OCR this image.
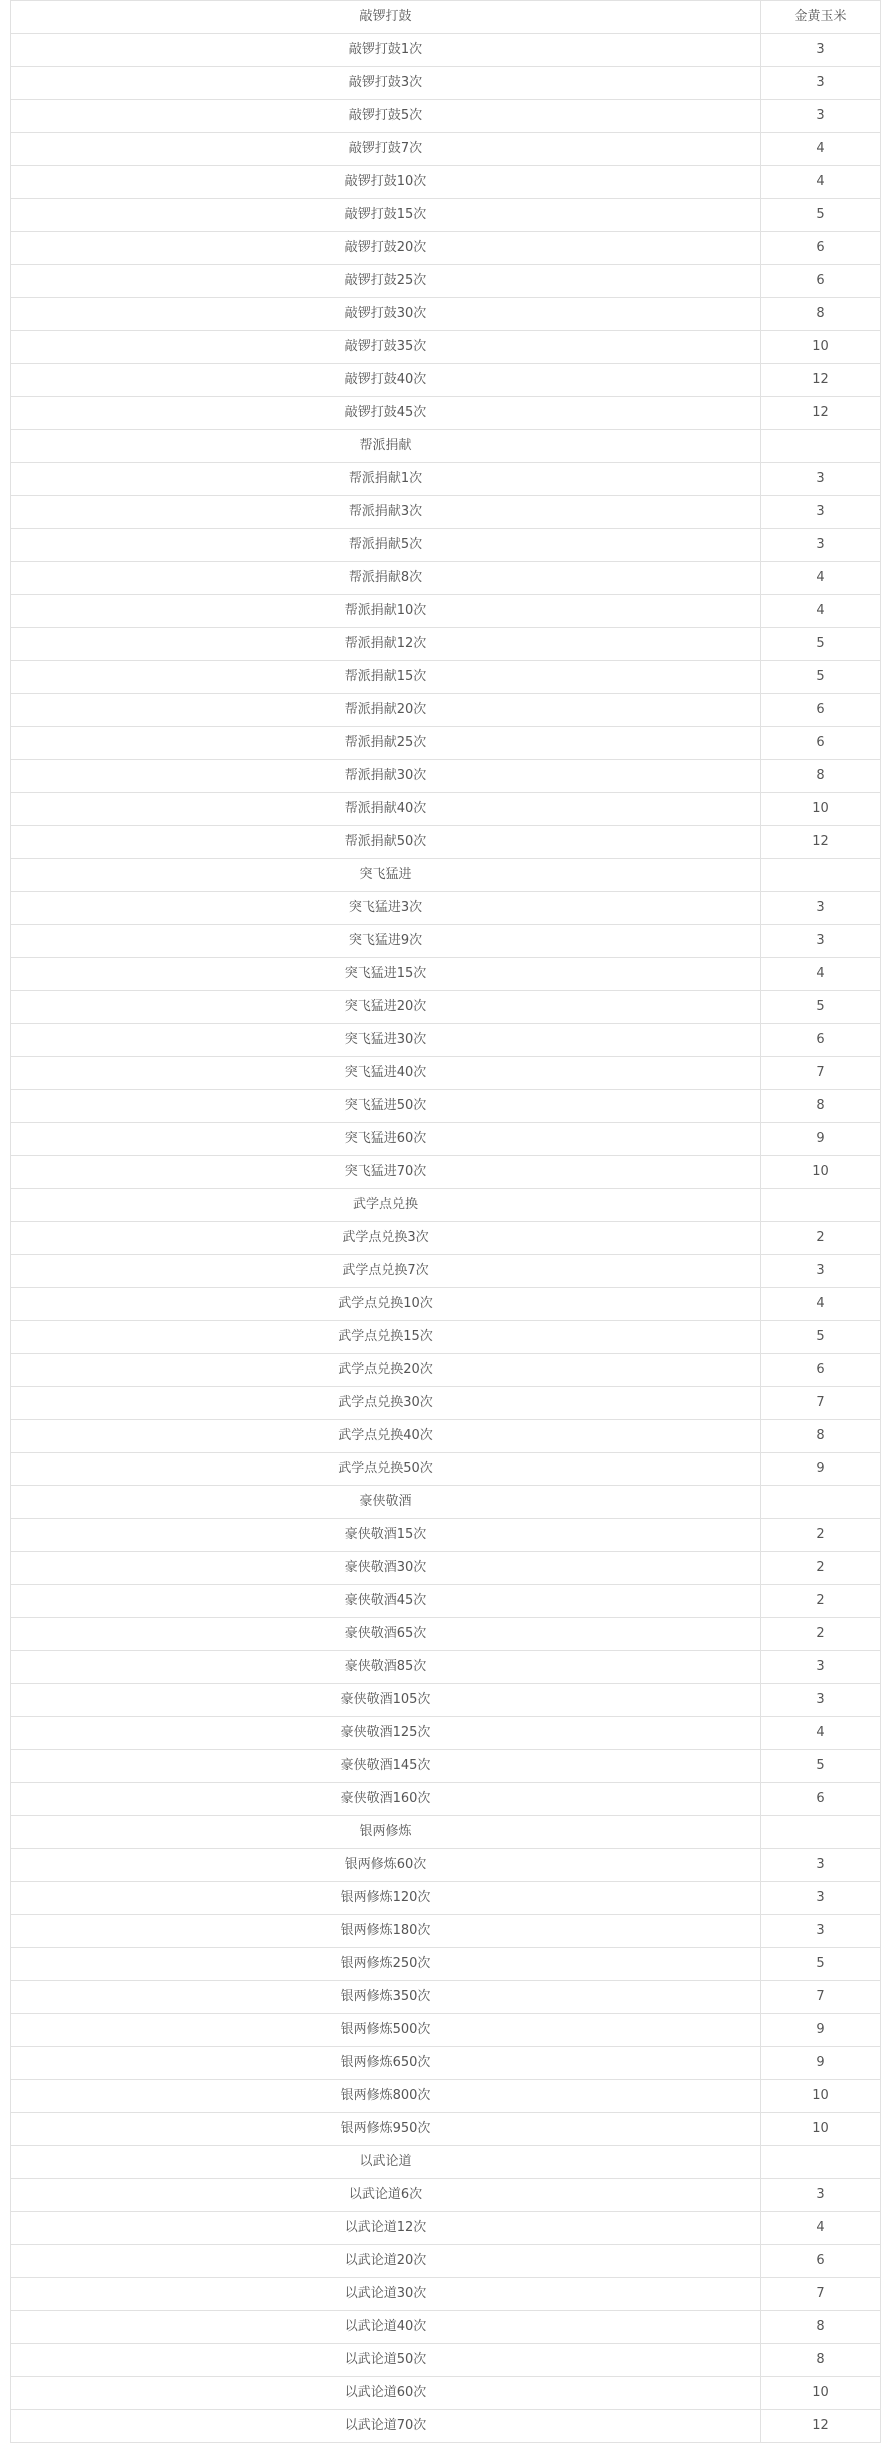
敲锣打鼓	金黄玉米
敲锣打鼓1次	3
敲锣打鼓3次	3
敲锣打鼓5次	3
敲锣打鼓7次	4
敲锣打鼓10次	4
敲锣打鼓15次	5
敲锣打鼓20次	6
敲锣打鼓25次	6
敲锣打鼓30次	8
敲锣打鼓35次	10
敲锣打鼓40次	12
敲锣打鼓45次	12
帮派捐献	
帮派捐献1次	3
帮派捐献3次	3
帮派捐献5次	3
帮派捐献8次	4
帮派捐献10次	4
帮派捐献12次	5
帮派捐献15次	5
帮派捐献20次	6
帮派捐献25次	6
帮派捐献30次	8
帮派捐献40次	10
帮派捐献50次	12
突飞猛进	
突飞猛进3次	3
突飞猛进9次	3
突飞猛进15次	4
突飞猛进20次	5
突飞猛进30次	6
突飞猛进40次	7
突飞猛进50次	8
突飞猛进60次	9
突飞猛进70次	10
武学点兑换	
武学点兑换3次	2
武学点兑换7次	3
武学点兑换10次	4
武学点兑换15次	5
武学点兑换20次	6
武学点兑换30次	7
武学点兑换40次	8
武学点兑换50次	9
豪侠敬酒	
豪侠敬酒15次	2
豪侠敬酒30次	2
豪侠敬酒45次	2
豪侠敬酒65次	2
豪侠敬酒85次	3
豪侠敬酒105次	3
豪侠敬酒125次	4
豪侠敬酒145次	5
豪侠敬酒160次	6
银两修炼	
银两修炼60次	3
银两修炼120次	3
银两修炼180次	3
银两修炼250次	5
银两修炼350次	7
银两修炼500次	9
银两修炼650次	9
银两修炼800次	10
银两修炼950次	10
以武论道	
以武论道6次	3
以武论道12次	4
以武论道20次	6
以武论道30次	7
以武论道40次	8
以武论道50次	8
以武论道60次	10
以武论道70次	12
